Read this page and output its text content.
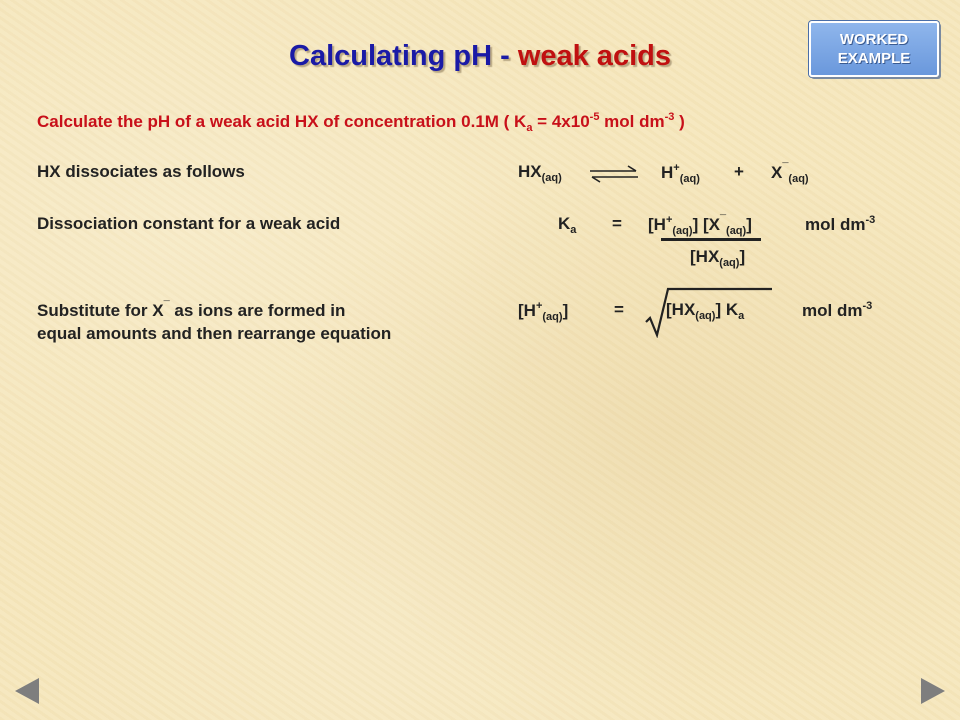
Calculating pH - weak acids
WORKED
EXAMPLE
Calculate the pH of a weak acid HX of concentration 0.1M ( $K_a = 4x10^{-5}$ mol $dm^{-3}$ )
HX dissociates as follows	$HX_{(aq)}$ ⇌ $H^+_{(aq)} + X^¯_{(aq)}$
Dissociation constant for a weak acid	$K_a = [H^+_{(aq)}]$ $[X^¯_{(aq)}]$	mol $dm^{-3}$
$[HX_{(aq)}]$
Substitute for X¯ as ions are formed in
equal amounts and then rearrange equation
$[H^+_{(aq)}]$	= $[HX_{(aq)}]$ $K_a$	mol $dm^{-3}$
